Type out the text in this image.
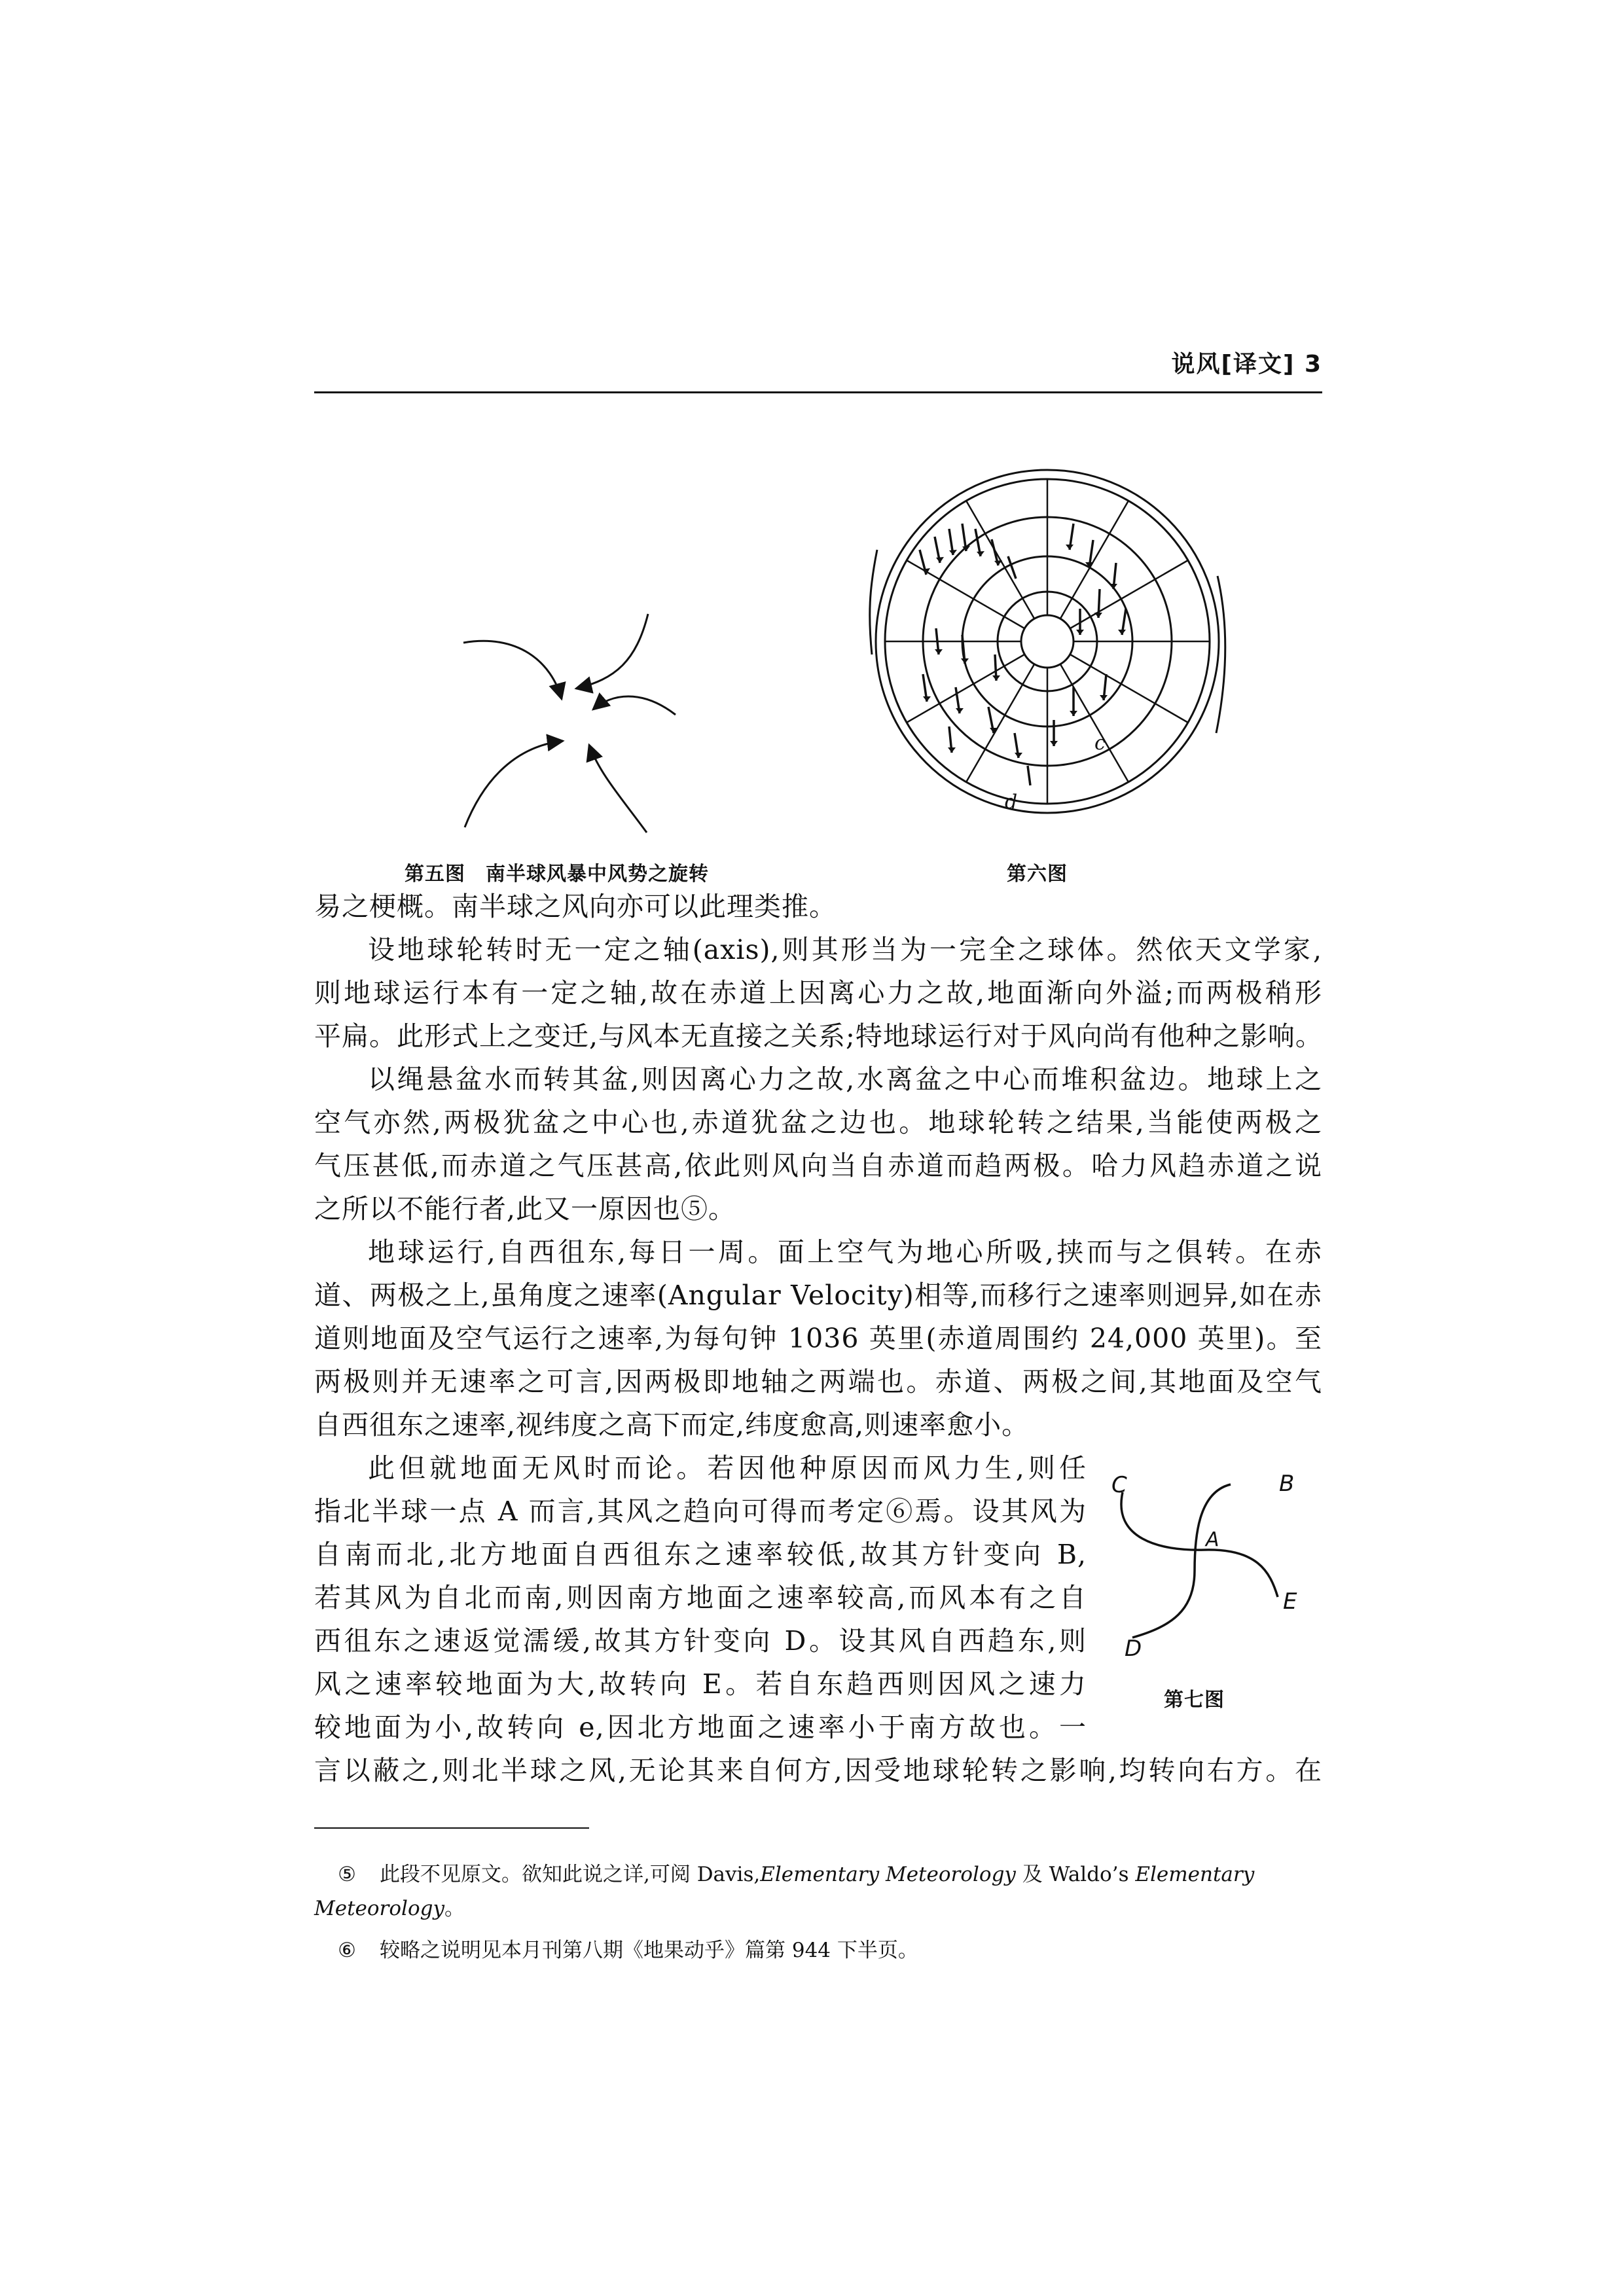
说风[译文] 3
第五图　南半球风暴中风势之旋转
c
d
第六图
B
C
A
E
D
第七图
易之梗概。南半球之风向亦可以此理类推。
设地球轮转时无一定之轴(axis),则其形当为一完全之球体。然依天文学家,
则地球运行本有一定之轴,故在赤道上因离心力之故,地面渐向外溢;而两极稍形
平扁。此形式上之变迁,与风本无直接之关系;特地球运行对于风向尚有他种之影响。
以绳悬盆水而转其盆,则因离心力之故,水离盆之中心而堆积盆边。地球上之
空气亦然,两极犹盆之中心也,赤道犹盆之边也。地球轮转之结果,当能使两极之
气压甚低,而赤道之气压甚高,依此则风向当自赤道而趋两极。哈力风趋赤道之说
之所以不能行者,此又一原因也⑤。
地球运行,自西徂东,每日一周。面上空气为地心所吸,挟而与之俱转。在赤
道、两极之上,虽角度之速率(Angular Velocity)相等,而移行之速率则迥异,如在赤
道则地面及空气运行之速率,为每句钟 1036 英里(赤道周围约 24,000 英里)。至
两极则并无速率之可言,因两极即地轴之两端也。赤道、两极之间,其地面及空气
自西徂东之速率,视纬度之高下而定,纬度愈高,则速率愈小。
此但就地面无风时而论。若因他种原因而风力生,则任
指北半球一点 A 而言,其风之趋向可得而考定⑥焉。设其风为
自南而北,北方地面自西徂东之速率较低,故其方针变向 B,
若其风为自北而南,则因南方地面之速率较高,而风本有之自
西徂东之速返觉濡缓,故其方针变向 D。设其风自西趋东,则
风之速率较地面为大,故转向 E。若自东趋西则因风之速力
较地面为小,故转向 e,因北方地面之速率小于南方故也。一
言以蔽之,则北半球之风,无论其来自何方,因受地球轮转之影响,均转向右方。在
⑤ 此段不见原文。欲知此说之详,可阅 Davis,Elementary Meteorology 及 Waldo’s Elementary
Meteorology。
⑥ 较略之说明见本月刊第八期《地果动乎》篇第 944 下半页。
